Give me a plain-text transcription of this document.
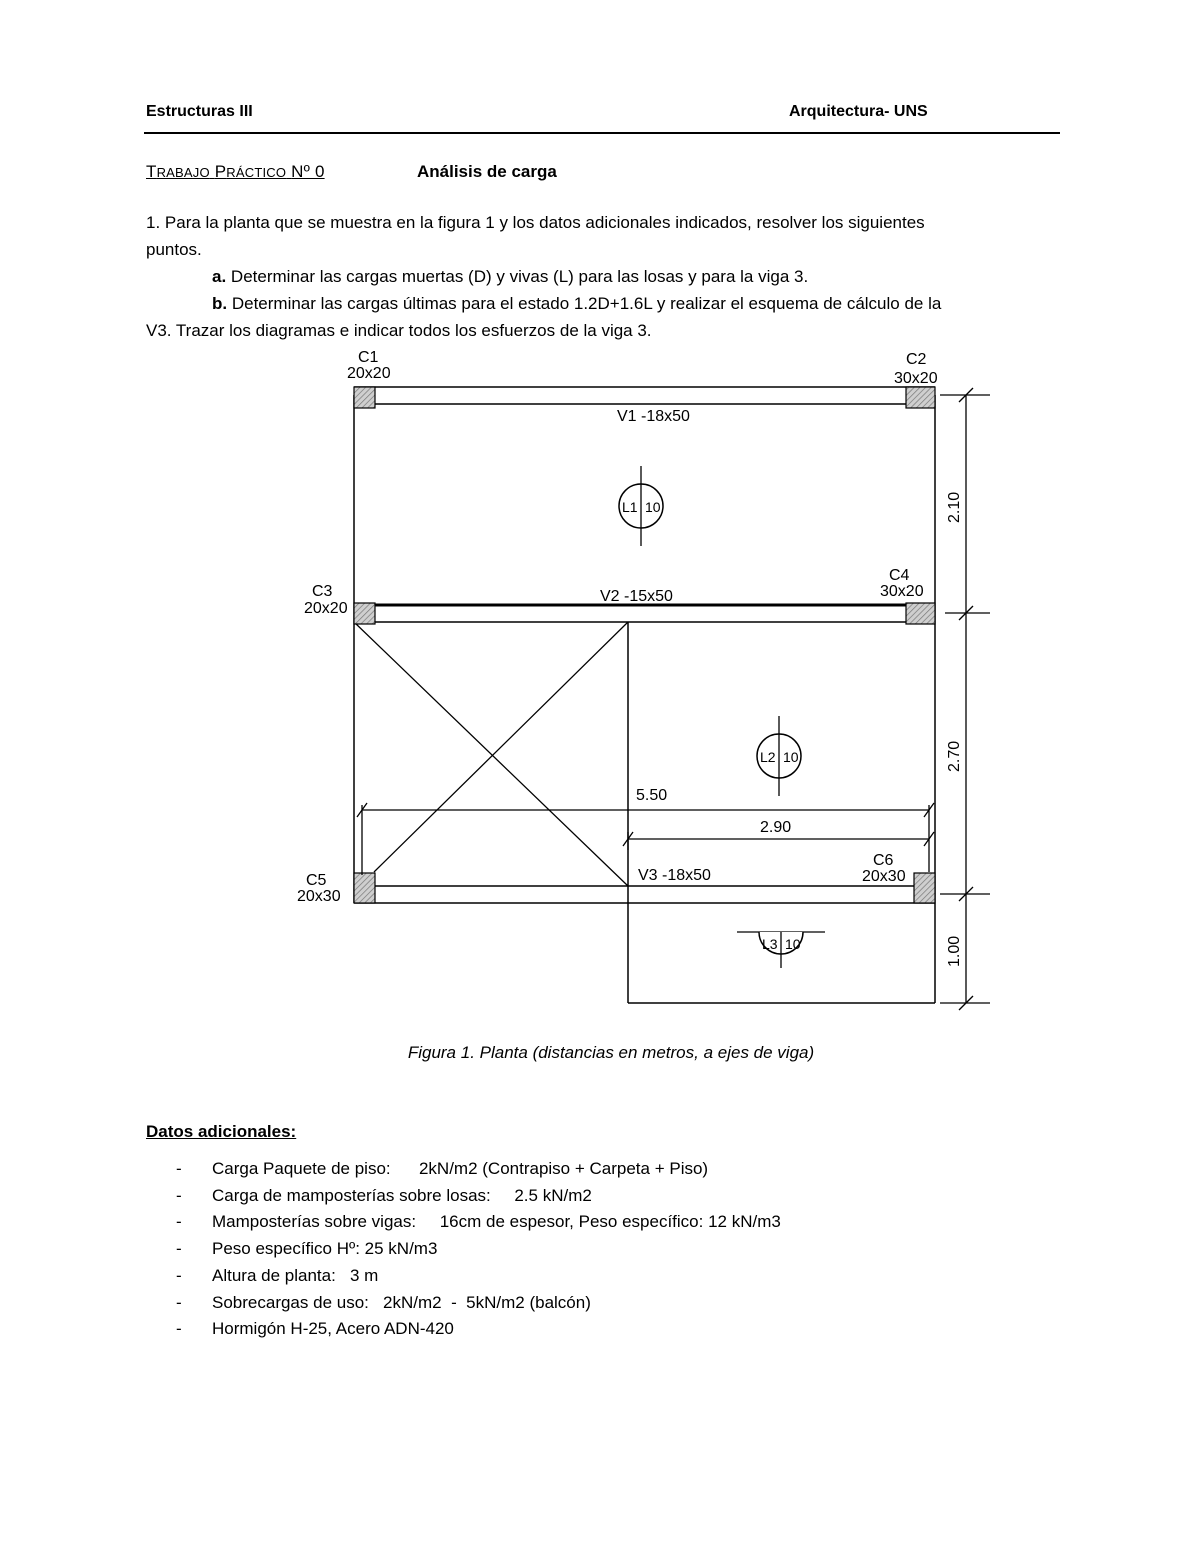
Estructuras III	Arquitectura- UNS
TRABAJO PRÁCTICO Nº 0	Análisis de carga
1. Para la planta que se muestra en la figura 1 y los datos adicionales indicados, resolver los siguientes
puntos.
a. Determinar las cargas muertas (D) y vivas (L) para las losas y para la viga 3.
b. Determinar las cargas últimas para el estado 1.2D+1.6L y realizar el esquema de cálculo de la
V3. Trazar los diagramas e indicar todos los esfuerzos de la viga 3.
C1
20x20
C2
30x20
C3
20x20
C4
30x20
C5
20x30
C6
20x30
V1 -18x50
V2 -15x50
V3 -18x50
L1 10
L2 10
L3 10
5.50
2.90
2.10
2.70
1.00
Figura 1. Planta (distancias en metros, a ejes de viga)
Datos adicionales:
- Carga Paquete de piso:      2kN/m2 (Contrapiso + Carpeta + Piso)
- Carga de mamposterías sobre losas:     2.5 kN/m2
- Mamposterías sobre vigas:     16cm de espesor, Peso específico: 12 kN/m3
- Peso específico Hº: 25 kN/m3
- Altura de planta:   3 m
- Sobrecargas de uso:   2kN/m2  -  5kN/m2 (balcón)
- Hormigón H-25, Acero ADN-420
